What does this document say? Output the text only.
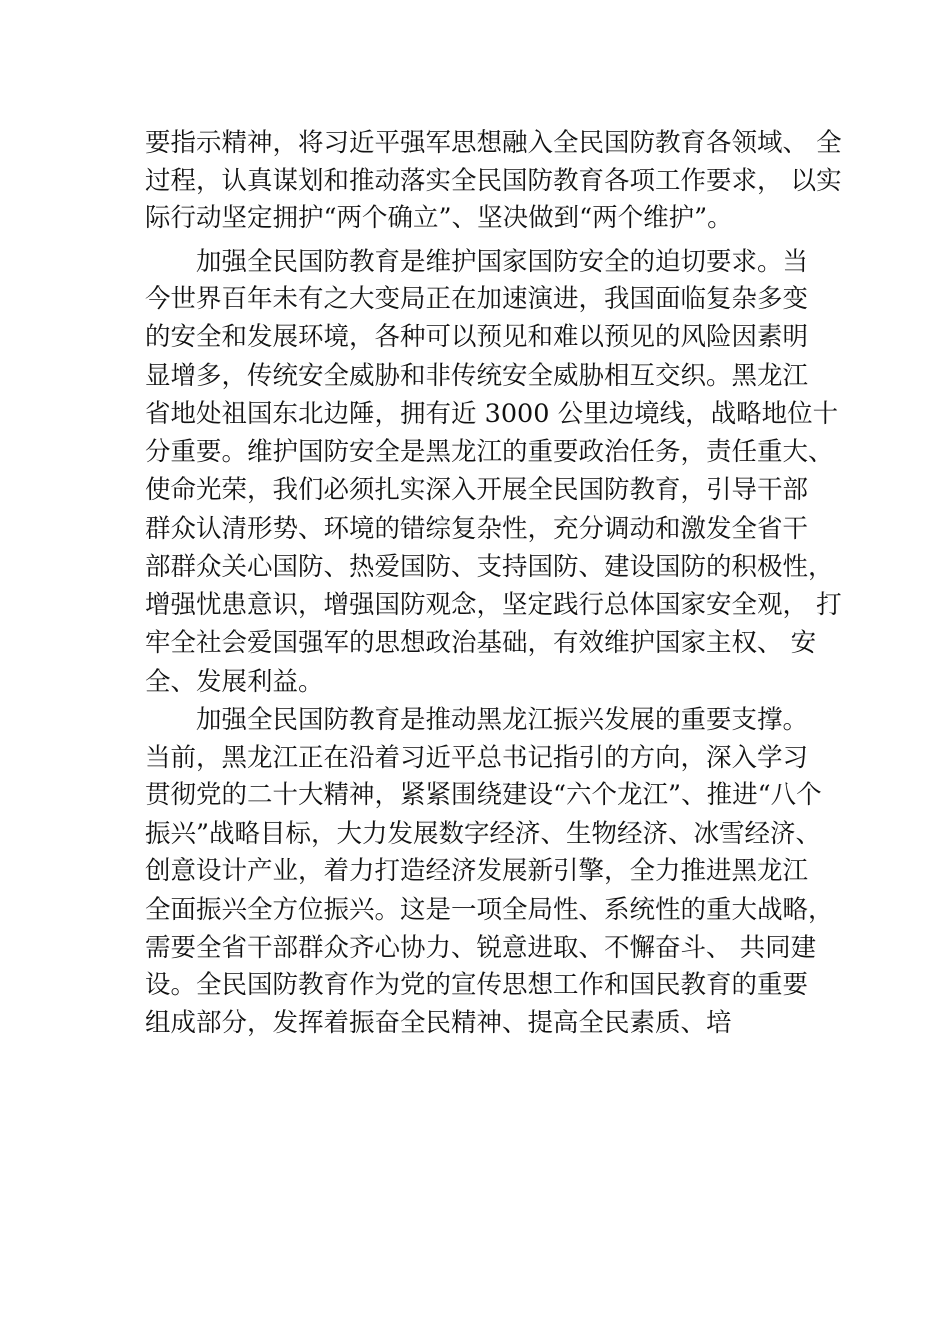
要指示精神，将习近平强军思想融入全民国防教育各领域、 全
过程，认真谋划和推动落实全民国防教育各项工作要求， 以实
际行动坚定拥护“两个确立”、坚决做到“两个维护”。
加强全民国防教育是维护国家国防安全的迫切要求。当
今世界百年未有之大变局正在加速演进，我国面临复杂多变
的安全和发展环境，各种可以预见和难以预见的风险因素明
显增多，传统安全威胁和非传统安全威胁相互交织。黑龙江
省地处祖国东北边陲，拥有近 3000 公里边境线，战略地位十
分重要。维护国防安全是黑龙江的重要政治任务，责任重大、
使命光荣，我们必须扎实深入开展全民国防教育，引导干部
群众认清形势、环境的错综复杂性，充分调动和激发全省干
部群众关心国防、热爱国防、支持国防、建设国防的积极性，
增强忧患意识，增强国防观念，坚定践行总体国家安全观， 打
牢全社会爱国强军的思想政治基础，有效维护国家主权、 安
全、发展利益。
加强全民国防教育是推动黑龙江振兴发展的重要支撑。
当前，黑龙江正在沿着习近平总书记指引的方向，深入学习
贯彻党的二十大精神，紧紧围绕建设“六个龙江”、推进“八个
振兴”战略目标，大力发展数字经济、生物经济、冰雪经济、
创意设计产业，着力打造经济发展新引擎，全力推进黑龙江
全面振兴全方位振兴。这是一项全局性、系统性的重大战略，
需要全省干部群众齐心协力、锐意进取、不懈奋斗、 共同建
设。全民国防教育作为党的宣传思想工作和国民教育的重要
组成部分，发挥着振奋全民精神、提高全民素质、培
